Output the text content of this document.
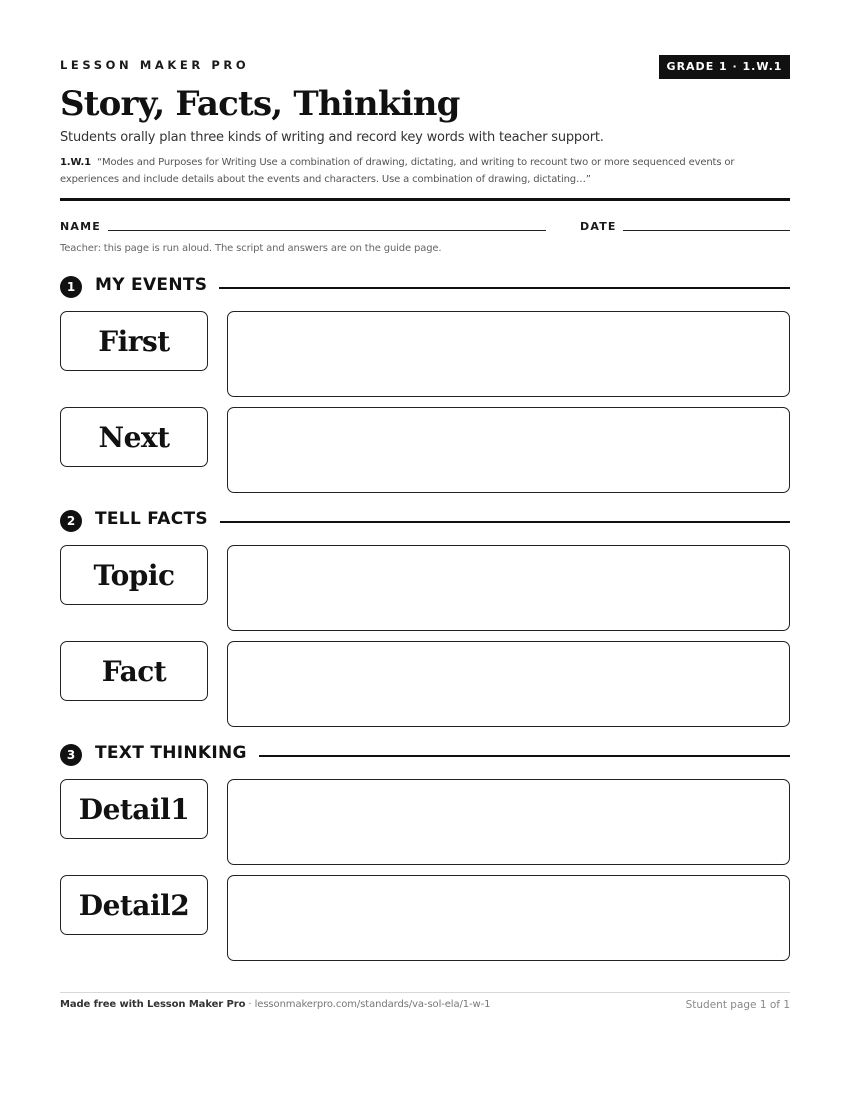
LESSON MAKER PRO	GRADE 1 · 1.W.1
Story, Facts, Thinking
Students orally plan three kinds of writing and record key words with teacher support.
1.W.1 “Modes and Purposes for Writing Use a combination of drawing, dictating, and writing to recount two or more sequenced events or experiences and include details about the events and characters. Use a combination of drawing, dictating…”
NAME	DATE
Teacher: this page is run aloud. The script and answers are on the guide page.
1	MY EVENTS
First
Next
2	TELL FACTS
Topic
Fact
3	TEXT THINKING
Detail1
Detail2
Made free with Lesson Maker Pro · lessonmakerpro.com/standards/va-sol-ela/1-w-1	Student page 1 of 1
